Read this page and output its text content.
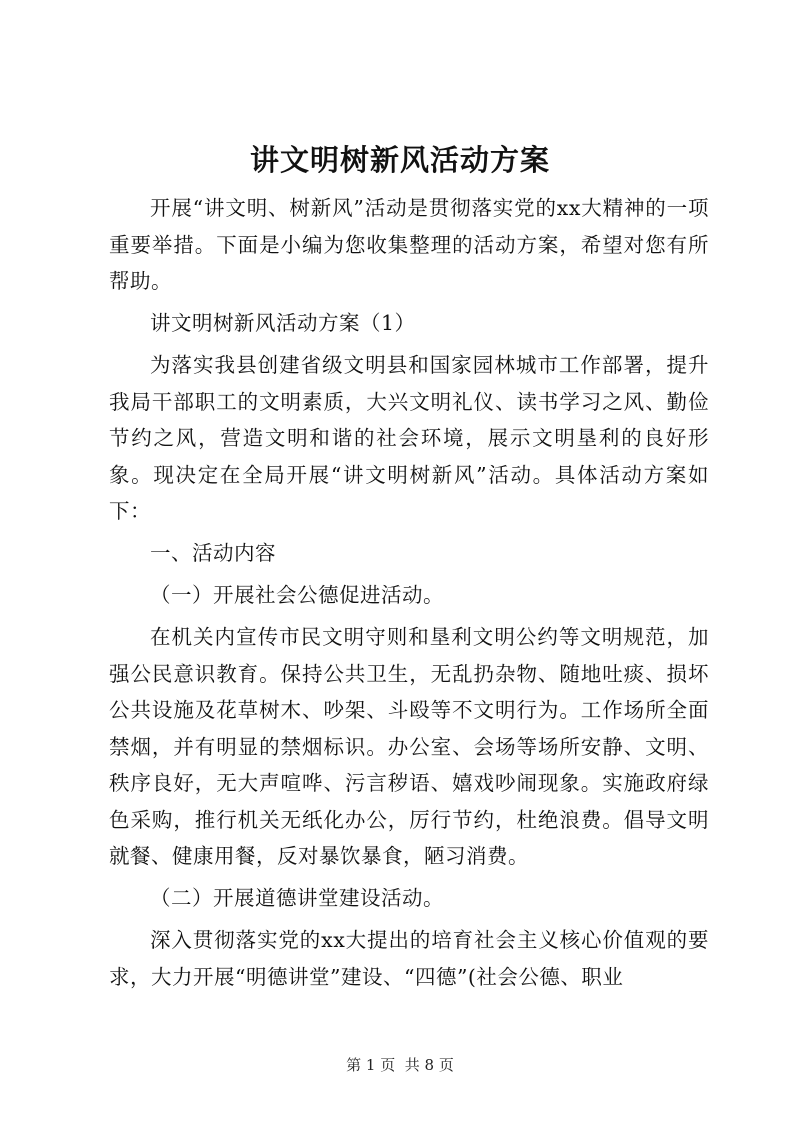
讲文明树新风活动方案

开展“讲文明、树新风”活动是贯彻落实党的xx大精神的一项重要举措。下面是小编为您收集整理的活动方案，希望对您有所帮助。

讲文明树新风活动方案（1）

为落实我县创建省级文明县和国家园林城市工作部署，提升我局干部职工的文明素质，大兴文明礼仪、读书学习之风、勤俭节约之风，营造文明和谐的社会环境，展示文明垦利的良好形象。现决定在全局开展“讲文明树新风”活动。具体活动方案如下：

一、活动内容

（一）开展社会公德促进活动。

在机关内宣传市民文明守则和垦利文明公约等文明规范，加强公民意识教育。保持公共卫生，无乱扔杂物、随地吐痰、损坏公共设施及花草树木、吵架、斗殴等不文明行为。工作场所全面禁烟，并有明显的禁烟标识。办公室、会场等场所安静、文明、秩序良好，无大声喧哗、污言秽语、嬉戏吵闹现象。实施政府绿色采购，推行机关无纸化办公，厉行节约，杜绝浪费。倡导文明就餐、健康用餐，反对暴饮暴食，陋习消费。

（二）开展道德讲堂建设活动。

深入贯彻落实党的xx大提出的培育社会主义核心价值观的要求，大力开展“明德讲堂”建设、“四德”(社会公德、职业

第 1 页  共 8 页
